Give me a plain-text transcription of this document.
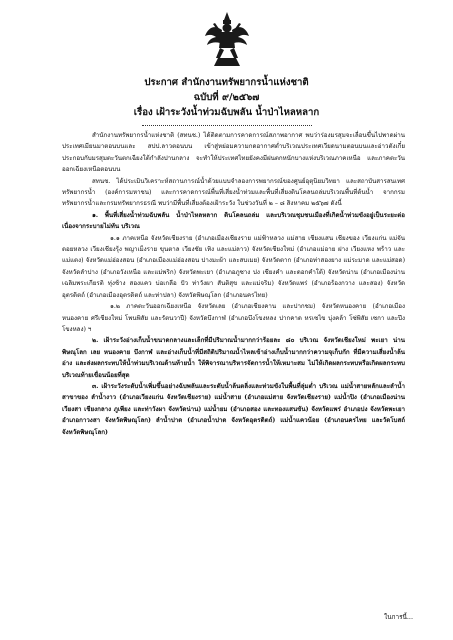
ประกาศ สำนักงานทรัพยากรน้ำแห่งชาติ
ฉบับที่ ๙/๒๕๖๗
เรื่อง เฝ้าระวังน้ำท่วมฉับพลัน น้ำป่าไหลหลาก

สำนักงานทรัพยากรน้ำแห่งชาติ (สทนช.) ได้ติดตามการคาดการณ์สภาพอากาศ พบว่าร่องมรสุมจะเลื่อนขึ้นไปพาดผ่านประเทศเมียนมาตอนบนและ สปป.ลาวตอนบน เข้าสู่หย่อมความกดอากาศต่ำบริเวณประเทศเวียดนามตอนบนและอ่าวตังเกี๋ย ประกอบกับมรสุมตะวันตกเฉียงใต้กำลังปานกลาง จะทำให้ประเทศไทยยังคงมีฝนตกหนักบางแห่งบริเวณภาคเหนือ และภาคตะวันออกเฉียงเหนือตอนบน

สทนช. ได้ประเมินวิเคราะห์สถานการณ์น้ำด้วยแบบจำลองการพยากรณ์ของศูนย์อุตุนิยมวิทยา และสถาบันสารสนเทศทรัพยากรน้ำ (องค์การมหาชน) และการคาดการณ์พื้นที่เสี่ยงน้ำท่วมและพื้นที่เสี่ยงดินโคลนถล่มบริเวณพื้นที่ต้นน้ำ จากกรมทรัพยากรน้ำและกรมทรัพยากรธรณี พบว่ามีพื้นที่เสี่ยงต้องเฝ้าระวัง ในช่วงวันที่ ๒ – ๘ สิงหาคม ๒๕๖๗ ดังนี้

๑. พื้นที่เสี่ยงน้ำท่วมฉับพลัน น้ำป่าไหลหลาก ดินโคลนถล่ม และบริเวณชุมชนเมืองที่เกิดน้ำท่วมขังอยู่เป็นระยะต่อเนื่องจากระบายไม่ทัน บริเวณ

๑.๑ ภาคเหนือ จังหวัดเชียงราย (อำเภอเมืองเชียงราย แม่ฟ้าหลวง แม่สาย เชียงแสน เชียงของ เวียงแก่น แม่จัน ดอยหลวง เวียงเชียงรุ้ง พญาเม็งราย ขุนตาล เวียงชัย เทิง และแม่ลาว) จังหวัดเชียงใหม่ (อำเภอแม่อาย ฝาง เวียงแหง พร้าว และแม่แตง) จังหวัดแม่ฮ่องสอน (อำเภอเมืองแม่ฮ่องสอน ปางมะผ้า และสบเมย) จังหวัดตาก (อำเภอท่าสองยาง แม่ระมาด และแม่สอด) จังหวัดลำปาง (อำเภอวังเหนือ และแม่พริก) จังหวัดพะเยา (อำเภอภูซาง ปง เชียงคำ และดอกคำใต้) จังหวัดน่าน (อำเภอเมืองน่าน เฉลิมพระเกียรติ ทุ่งช้าง สองแคว บ่อเกลือ ปัว ท่าวังผา สันติสุข และแม่จริม) จังหวัดแพร่ (อำเภอร้องกวาง และสอง) จังหวัดอุตรดิตถ์ (อำเภอเมืองอุตรดิตถ์ และท่าปลา) จังหวัดพิษณุโลก (อำเภอนครไทย)

๑.๒ ภาคตะวันออกเฉียงเหนือ จังหวัดเลย (อำเภอเชียงคาน และปากชม) จังหวัดหนองคาย (อำเภอเมืองหนองคาย ศรีเชียงใหม่ โพนพิสัย และรัตนวาปี) จังหวัดบึงกาฬ (อำเภอบึงโขงหลง ปากคาด หรเซไข บุ่งคล้า โซ่พิสัย เซกา และปึงโขงหลง) ฯ

๒. เฝ้าระวังอ่างเก็บน้ำขนาดกลางและเล็กที่มีปริมาณน้ำมากกว่าร้อยละ ๘๐ บริเวณ จังหวัดเชียงใหม่ พะเยา น่าน พิษณุโลก เลย หนองคาย บึงกาฬ และอ่างเก็บน้ำที่มีสถิติปริมาณน้ำไหลเข้าอ่างเก็บน้ำมากกว่าความจุเก็บกัก ที่มีความเสี่ยงน้ำล้นอ่าง และส่งผลกระทบให้น้ำท่วมบริเวณด้านท้ายน้ำ ให้พิจารณาบริหารจัดการน้ำให้เหมาะสม ไม่ให้เกิดผลกระทบหรือเกิดผลกระทบบริเวณท้ายเขื่อนน้อยที่สุด

๓. เฝ้าระวังระดับน้ำเพิ่มขึ้นอย่างฉับพลันและระดับน้ำล้นตลิ่งและท่วมขังในพื้นที่ลุ่มต่ำ บริเวณ แม่น้ำสายหลักและลำน้ำสาขาของ ลำน้ำงาว (อำเภอเวียงแก่น จังหวัดเชียงราย) แม่น้ำสาย (อำเภอแม่สาย จังหวัดเชียงราย) แม่น้ำปิง (อำเภอเมืองน่าน เวียงสา เชียงกลาง ภูเพียง และท่าวังผา จังหวัดน่าน) แม่น้ำยม (อำเภอสอง และทองแสนขัน) จังหวัดแพร่ อำเภอปง จังหวัดพะเยา อำเภอกาวงสา จังหวัดพิษณุโลก) ลำน้ำปาด (อำเภอน้ำปาด จังหวัดอุตรดิตถ์) แม่น้ำแควน้อย (อำเภอนครไทย และวัดโบสถ์ จังหวัดพิษณุโลก)

ในการนี้...
